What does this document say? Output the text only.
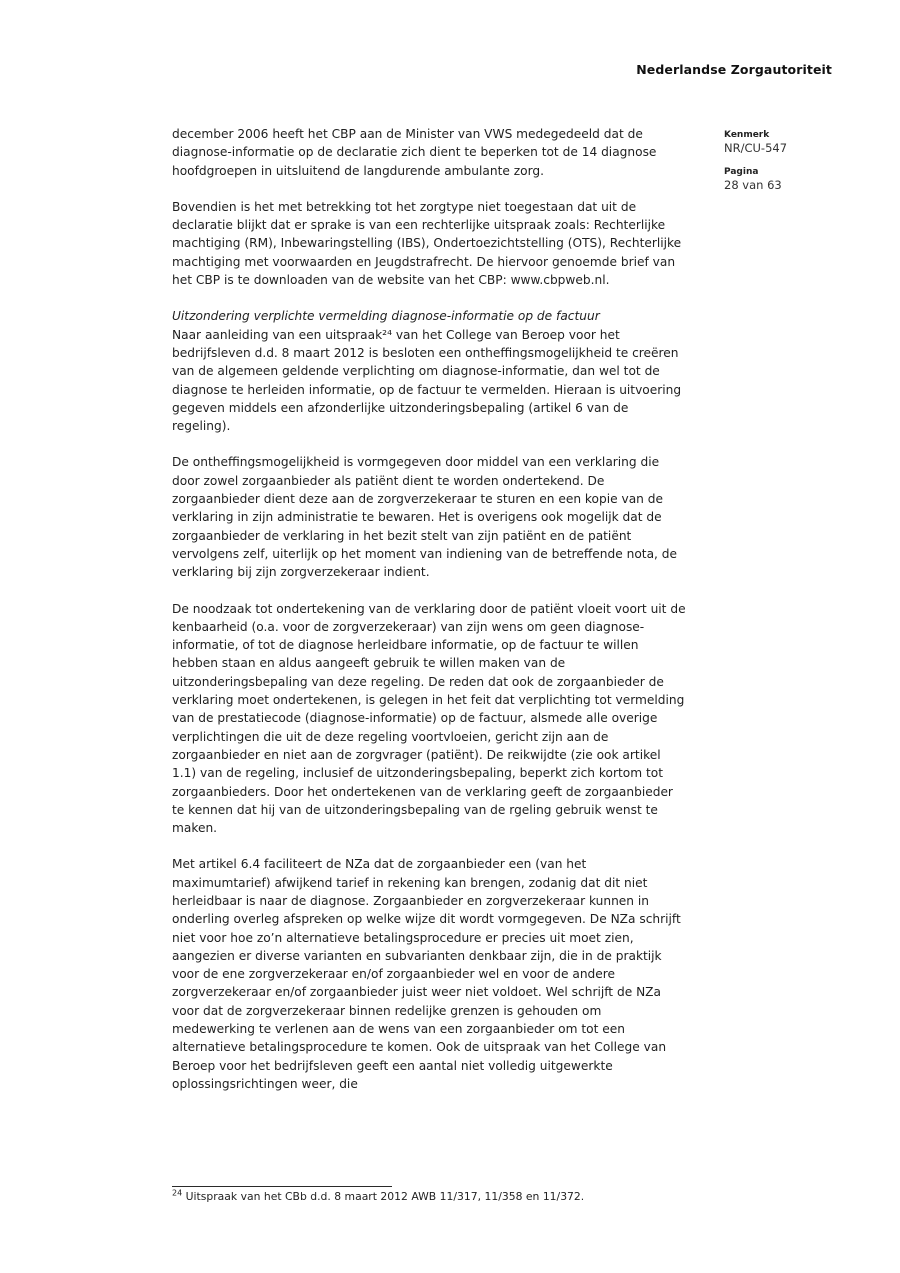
Nederlandse Zorgautoriteit
Kenmerk
NR/CU-547
Pagina
28 van 63

december 2006 heeft het CBP aan de Minister van VWS medegedeeld dat de diagnose-informatie op de declaratie zich dient te beperken tot de 14 diagnose hoofdgroepen in uitsluitend de langdurende ambulante zorg.

Bovendien is het met betrekking tot het zorgtype niet toegestaan dat uit de declaratie blijkt dat er sprake is van een rechterlijke uitspraak zoals: Rechterlijke machtiging (RM), Inbewaringstelling (IBS), Ondertoezichtstelling (OTS), Rechterlijke machtiging met voorwaarden en Jeugdstrafrecht. De hiervoor genoemde brief van het CBP is te downloaden van de website van het CBP: www.cbpweb.nl.

Uitzondering verplichte vermelding diagnose-informatie op de factuur

Naar aanleiding van een uitspraak²⁴ van het College van Beroep voor het bedrijfsleven d.d. 8 maart 2012 is besloten een ontheffingsmogelijkheid te creëren van de algemeen geldende verplichting om diagnose-informatie, dan wel tot de diagnose te herleiden informatie, op de factuur te vermelden. Hieraan is uitvoering gegeven middels een afzonderlijke uitzonderingsbepaling (artikel 6 van de regeling).

De ontheffingsmogelijkheid is vormgegeven door middel van een verklaring die door zowel zorgaanbieder als patiënt dient te worden ondertekend. De zorgaanbieder dient deze aan de zorgverzekeraar te sturen en een kopie van de verklaring in zijn administratie te bewaren. Het is overigens ook mogelijk dat de zorgaanbieder de verklaring in het bezit stelt van zijn patiënt en de patiënt vervolgens zelf, uiterlijk op het moment van indiening van de betreffende nota, de verklaring bij zijn zorgverzekeraar indient.

De noodzaak tot ondertekening van de verklaring door de patiënt vloeit voort uit de kenbaarheid (o.a. voor de zorgverzekeraar) van zijn wens om geen diagnose-informatie, of tot de diagnose herleidbare informatie, op de factuur te willen hebben staan en aldus aangeeft gebruik te willen maken van de uitzonderingsbepaling van deze regeling. De reden dat ook de zorgaanbieder de verklaring moet ondertekenen, is gelegen in het feit dat verplichting tot vermelding van de prestatiecode (diagnose-informatie) op de factuur, alsmede alle overige verplichtingen die uit de deze regeling voortvloeien, gericht zijn aan de zorgaanbieder en niet aan de zorgvrager (patiënt). De reikwijdte (zie ook artikel 1.1) van de regeling, inclusief de uitzonderingsbepaling, beperkt zich kortom tot zorgaanbieders. Door het ondertekenen van de verklaring geeft de zorgaanbieder te kennen dat hij van de uitzonderingsbepaling van de rgeling gebruik wenst te maken.

Met artikel 6.4 faciliteert de NZa dat de zorgaanbieder een (van het maximumtarief) afwijkend tarief in rekening kan brengen, zodanig dat dit niet herleidbaar is naar de diagnose. Zorgaanbieder en zorgverzekeraar kunnen in onderling overleg afspreken op welke wijze dit wordt vormgegeven. De NZa schrijft niet voor hoe zo’n alternatieve betalingsprocedure er precies uit moet zien, aangezien er diverse varianten en subvarianten denkbaar zijn, die in de praktijk voor de ene zorgverzekeraar en/of zorgaanbieder wel en voor de andere zorgverzekeraar en/of zorgaanbieder juist weer niet voldoet. Wel schrijft de NZa voor dat de zorgverzekeraar binnen redelijke grenzen is gehouden om medewerking te verlenen aan de wens van een zorgaanbieder om tot een alternatieve betalingsprocedure te komen. Ook de uitspraak van het College van Beroep voor het bedrijfsleven geeft een aantal niet volledig uitgewerkte oplossingsrichtingen weer, die

$^{24}$ Uitspraak van het CBb d.d. 8 maart 2012 AWB 11/317, 11/358 en 11/372.
